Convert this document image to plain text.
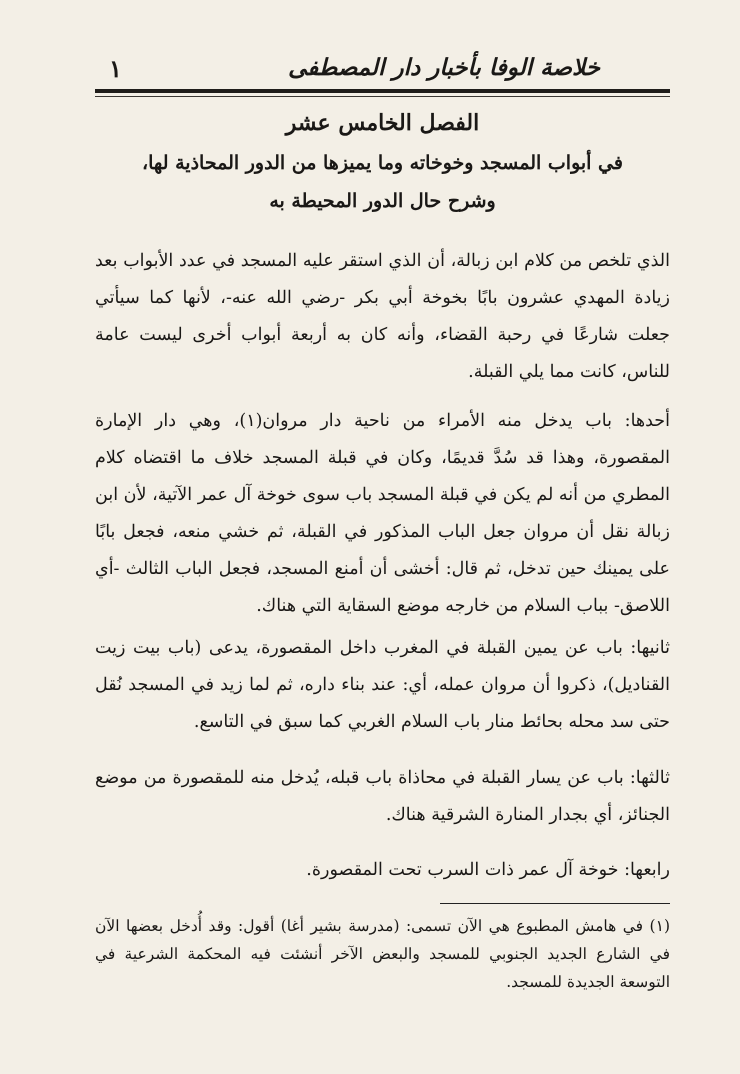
خلاصة الوفا بأخبار دار المصطفى
١
الفصل الخامس عشر
في أبواب المسجد وخوخاته وما يميزها من الدور المحاذية لها،
وشرح حال الدور المحيطة به
الذي تلخص من كلام ابن زبالة، أن الذي استقر عليه المسجد في عدد الأبواب بعد زيادة المهدي عشرون بابًا بخوخة أبي بكر -رضي الله عنه-، لأنها كما سيأتي جعلت شارعًا في رحبة القضاء، وأنه كان به أربعة أبواب أخرى ليست عامة للناس، كانت مما يلي القبلة.
أحدها: باب يدخل منه الأمراء من ناحية دار مروان(١)، وهي دار الإمارة المقصورة، وهذا قد سُدَّ قديمًا، وكان في قبلة المسجد خلاف ما اقتضاه كلام المطري من أنه لم يكن في قبلة المسجد باب سوى خوخة آل عمر الآتية، لأن ابن زبالة نقل أن مروان جعل الباب المذكور في القبلة، ثم خشي منعه، فجعل بابًا على يمينك حين تدخل، ثم قال: أخشى أن أمنع المسجد، فجعل الباب الثالث -أي اللاصق- بباب السلام من خارجه موضع السقاية التي هناك.
ثانيها: باب عن يمين القبلة في المغرب داخل المقصورة، يدعى (باب بيت زيت القناديل)، ذكروا أن مروان عمله، أي: عند بناء داره، ثم لما زيد في المسجد نُقل حتى سد محله بحائط منار باب السلام الغربي كما سبق في التاسع.
ثالثها: باب عن يسار القبلة في محاذاة باب قبله، يُدخل منه للمقصورة من موضع الجنائز، أي بجدار المنارة الشرقية هناك.
رابعها: خوخة آل عمر ذات السرب تحت المقصورة.
(١) في هامش المطبوع هي الآن تسمى: (مدرسة بشير أغا) أقول: وقد أُدخل بعضها الآن في الشارع الجديد الجنوبي للمسجد والبعض الآخر أنشئت فيه المحكمة الشرعية في التوسعة الجديدة للمسجد.
